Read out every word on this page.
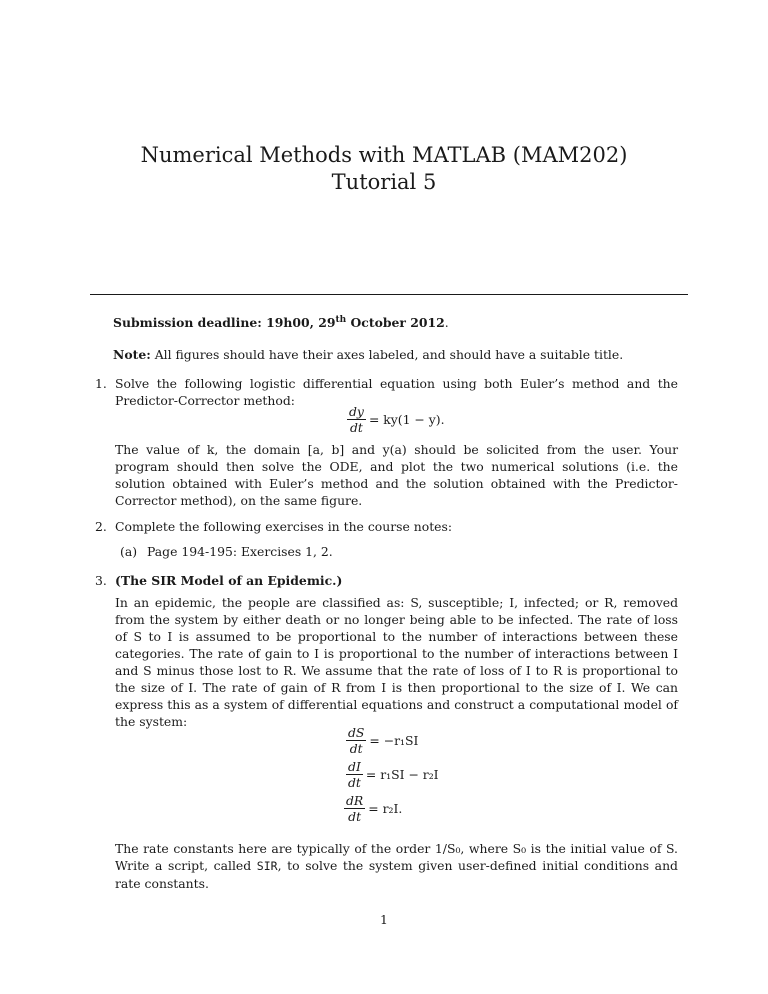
Numerical Methods with MATLAB (MAM202)
Tutorial 5

Submission deadline: 19h00, 29th October 2012.

Note: All figures should have their axes labeled, and should have a suitable title.

1. Solve the following logistic differential equation using both Euler’s method and the Predictor-Corrector method:

$\frac{dy}{dt} = ky(1 - y)$.

The value of k, the domain [a, b] and y(a) should be solicited from the user. Your program should then solve the ODE, and plot the two numerical solutions (i.e. the solution obtained with Euler’s method and the solution obtained with the Predictor-Corrector method), on the same figure.

2. Complete the following exercises in the course notes:

(a) Page 194-195: Exercises 1, 2.

3. (The SIR Model of an Epidemic.)

In an epidemic, the people are classified as: S, susceptible; I, infected; or R, removed from the system by either death or no longer being able to be infected. The rate of loss of S to I is assumed to be proportional to the number of interactions between these categories. The rate of gain to I is proportional to the number of interactions between I and S minus those lost to R. We assume that the rate of loss of I to R is proportional to the size of I. The rate of gain of R from I is then proportional to the size of I. We can express this as a system of differential equations and construct a computational model of the system:

$\frac{dS}{dt} = -r_1SI$
$\frac{dI}{dt} = r_1SI - r_2I$
$\frac{dR}{dt} = r_2I$.

The rate constants here are typically of the order 1/S₀, where S₀ is the initial value of S. Write a script, called SIR, to solve the system given user-defined initial conditions and rate constants.

1
